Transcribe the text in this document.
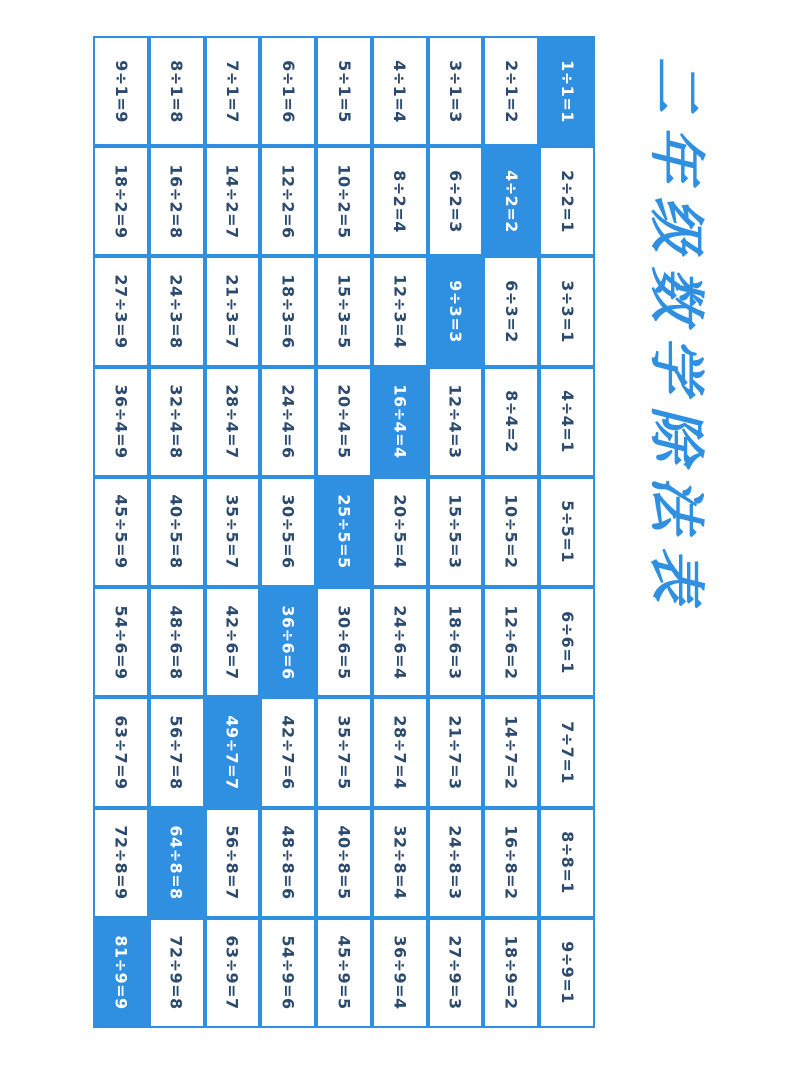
1÷1=1
2÷2=1
3÷3=1
4÷4=1
5÷5=1
6÷6=1
7÷7=1
8÷8=1
9÷9=1
2÷1=2
4÷2=2
6÷3=2
8÷4=2
10÷5=2
12÷6=2
14÷7=2
16÷8=2
18÷9=2
3÷1=3
6÷2=3
9÷3=3
12÷4=3
15÷5=3
18÷6=3
21÷7=3
24÷8=3
27÷9=3
4÷1=4
8÷2=4
12÷3=4
16÷4=4
20÷5=4
24÷6=4
28÷7=4
32÷8=4
36÷9=4
5÷1=5
10÷2=5
15÷3=5
20÷4=5
25÷5=5
30÷6=5
35÷7=5
40÷8=5
45÷9=5
6÷1=6
12÷2=6
18÷3=6
24÷4=6
30÷5=6
36÷6=6
42÷7=6
48÷8=6
54÷9=6
7÷1=7
14÷2=7
21÷3=7
28÷4=7
35÷5=7
42÷6=7
49÷7=7
56÷8=7
63÷9=7
8÷1=8
16÷2=8
24÷3=8
32÷4=8
40÷5=8
48÷6=8
56÷7=8
64÷8=8
72÷9=8
9÷1=9
18÷2=9
27÷3=9
36÷4=9
45÷5=9
54÷6=9
63÷7=9
72÷8=9
81÷9=9
二年级数学除法表
